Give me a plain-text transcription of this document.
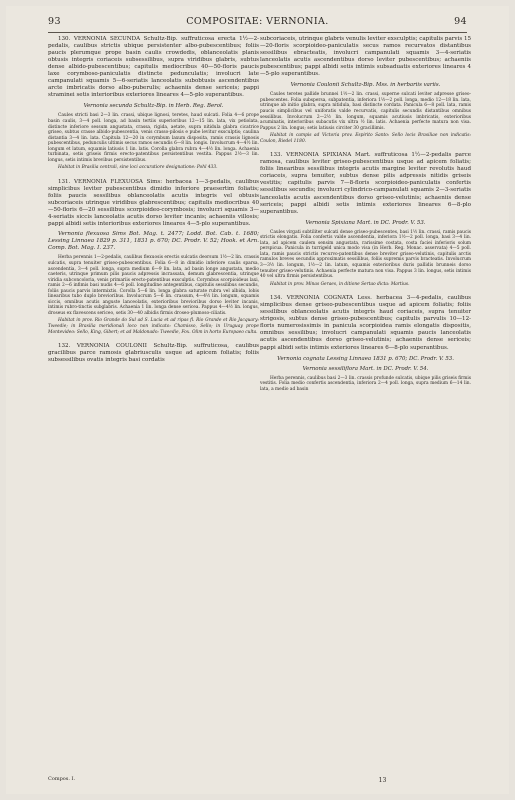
93	COMPOSITAE: VERNONIA.	94

130. VERNONIA SECUNDA Schultz-Bip. suffruticosa erecta 1½—2-pedalis, caulibus strictis ubique persistenter albo-pubescentibus; foliis paucis plerumque prope basin caulis crowdedis, oblanceolatis planis obtusis integris coriaceis subsessilibus, supra viridibus glabris, subtus dense albido-pubescentibus; capitulis mediocribus 40—50-floris paucis laxe corymboso-paniculatis distincte pedunculatis; involucri late campanulati squamis 5—6-seriatis lanceolatis subobtusis ascendentibus arcte imbricatis dorso albo-puberulis; achaeniis dense sericeis; pappi straminei setis interioribus exteriores lineares 4—5-plo superantibus.

Vernonia secunda Schultz-Bip. in Herb. Reg. Berol.

Caules stricti basi 2—3 lin. crassi, ubique lignosi, teretes, haud sulcati. Folia 4—6 prope basin caulis, 3—4 poll. longa, ad basin tertiis superioribus 12—15 lin. lata, vix petiolata, distincte inferiore sessum angustata, crassa, rigida, aetate, supra nitidula glabra cicatrice griseo, subtus crasse albido-pubescentia, venis crasso-pilosis e pube levitur exsculptis; caulina distantia 3—4 lin. lata. Capitula 12—20 in corymbum laxum disposita, ramis crassis lignosis pubescentibus, pedunculis ultimis secus ramos secundis 6—8 lin. longis. Involucrum 4—4½ lin. longum et latum, squamis latiusis 1 lin. latis. Corolla glabra rubra 4—4½ lin. longa. Achaenia turbinata, setis griseis firmis erecto-patentibus persistentibus vestita. Pappus 2½—3 lin. longus, setis intimis brevibus persistentibus.

Habitat in Brasilia centrali, sine loci accuratiore designatione: Pohl 433.

131. VERNONIA FLEXUOSA Sims: herbacea 1—3-pedalis, caulibus simplicibus leviter pubescentibus dimidio inferiore praesertim foliatis; foliis paucis sessilibus oblanceolatis acutis integris vel obtusis subcoriaceis utrinque viridibus glabrescentibus; capitulis mediocribus 40—50-floris 6—20 sessilibus scorpioideo-corymbosis; involucri squamis 3—4-seriatis siccis lanceolatis acutis dorso leviter incanis; achaeniis villosis; pappi albidi setis interioribus exteriores lineares 4—5-plo superantibus.

Vernonia flexuosa Sims Bot. Mag. t. 2477; Lodd. Bot. Cab. t. 1680; Lessing Linnaea 1829 p. 311, 1831 p. 670; DC. Prodr. V. 52; Hook. et Arn. Comp. Bot. Mag. I. 237.

Herba perennis 1—2-pedalis, caulibus flexuosis erectis sulcatis deorsum 1½—2 lin. crassis sulcatis, supra tenuiter griseo-pubescentibus. Folia 6—8 in dimidio inferiore caulis sparsa, ascendentia, 3—4 poll. longa, supra medium 6—9 lin. lata, ad basin longe angustata, medio caeteris, utrinque primum pilis paucis adpressis incrassata, demum glabrescentia, utrinque viridia subconcoloria, venis primariis erecto-patentibus exsculptis. Corymbus scorpioideus laxi, ramis 2—6 infimis basi nudis 4—6 poll. longitudine antegentibus, capitulis sessilibus secundis, foliis paucis parvis intermixtis. Corolla 5—6 lin. longa glabra saturate rubra vel albida, lobis linearibus tubo duplo brevioribus. Involucrum 5—6 lin. crassum, 4—4½ lin. longum, squamis siccis, omnibus acutis anguste lanceolatis, exterioribus brevioribus dorso leviter incanis, intimis rubro-tinctis subglabris. Achaenia 1 lin. longa dense sericea. Pappus 4—4½ lin. longus, droseus ex flavescens sericeo, setis 30—40 albidis firmis droseo-plumoso-ciliatis.

Habitat in prov. Rio Grande do Sul ad S. Lucia et ad ripas fl. Rio Grande et Rio Jacquary: Tweedie; in Brasilia meridionali loco non indicato: Chamisso, Sello; in Uruguay prope Montevideo: Sello, King, Gibert; et ad Maldonado: Tweedie, Fox. Olim in horto Europaeo culta.

132. VERNONIA COULONII Schultz-Bip. suffruticosa, caulibus gracilibus parce ramosis glabriusculis usque ad apicem foliatis; foliis subsessilibus ovatis integris basi cordatis

subcoriaceis, utrinque glabris venulis leviter exsculptis; capitulis parvis 15—20-floris scorpioideo-paniculatis secus ramos recurvatos distantibus sessilibus ebracteatis, involucri campanulati squamis 3—4-seriatis lanceolatis acutis ascendentibus dorso leviter pubescentibus; achaeniis pubescentibus; pappi albidi setis intimis subsaduatis exteriores lineares 4—5-plo superantibus.

Vernonia Coulonii Schultz-Bip. Mss. in herbariis variis.

Caules teretes pallide brunnei 1½—2 lin. crassi, superne sulcati leviter adpresse griseo-pubescentes. Folia subspersa, subpatentia, inferiora 1½—2 poll. longa, medio 12—18 lin. lata, utrinque ab initio glabra, supra nitidula, basi distincte cordata. Panicula 6—8 poll. lata, ramis paucis simplicibus vel uniforatis valde recurvatis, capitulis secundis distantibus omnibus sessilibus. Involucrum 2—2½ lin. longum, squamis acutiusis imbricatis, exterioribus acuminatis, interioribus subacutis vix ultra ½ lin. latis. Achaenia perfecte matura non visa. Pappus 2 lin. longus; setis latiusis circiter 30 gracillimis.

Habitat in campis ad Victoria prov. Espirito Santo: Sello locis Brasiliae non indicatis: Coulon, Riedel 1180.

133. VERNONIA SPIXIANA Mart. suffruticosa 1½—2-pedalis parce ramosa, caulibus leviter griseo-pubescentibus usque ad apicem foliatis; foliis linearibus sessilibus integris acutis margine leviter revolutis haud coriaceis, supra tenuiter, subtus dense pilis adpressis nitidis griseis vestitis; capitulis parvis 7—8-floris scorpioideo-paniculatis confertis sessilibus secundis; involucri cylindrico-campanulati squamis 2—3-seriatis lanceolatis acutis ascendentibus dorso griseo-velutinis; achaeniis dense sericeis; pappi albidi setis intimis exteriores lineares 6—8-plo superantibus.

Vernonia Spixiana Mart. in DC. Prodr. V. 53.

Caules virgati subtiliter sulcati dense griseo-pubescentes, basi 1½ lin. crassi, ramis paucis strictis elongatis. Folia confertis valde ascendentia, inferiora 1½—2 poll. longa, basi 3—4 lin. lata, ad apicem caulem sensim angustata, rarissime costata, costa faciei inferioris solum perspicua. Panicula in turrigeld unica modo visa (in Herb. Reg. Monac. asservata) 4—5 poll. lata, ramis paucis strictis recurvo-patentibus dense breviter griseo-velutinis, capitulis arctis ramulos breves secundis approximatis sessilibus, foliis supremis parvis bracteatis. Involucrum 3—3½ lin. longum, 1½—2 lin. latum, squamis exterioribus duris pallidis brunneis dorso tenuiter griseo-velutinis. Achaenia perfecte matura non visa. Pappus 3 lin. longus, setis intimis 40 vel ultra firmis persistentibus.

Habitat in prov. Minas Geraes, in ditione Sertao dicta: Martius.

134. VERNONIA COGNATA Less. herbacea 3—4-pedalis, caulibus simplicibus dense griseo-pubescentibus usque ad apicem foliatis; foliis sessilibus oblanceolatis acutis integris haud coriaceis, supra tenuiter strigosis, subtus dense griseo-pubescentibus; capitulis parvulis 10—12-floris numerosissimis in panicula scorpioidea ramis elongatis dispositis, omnibus sessilibus; involucri campanulati squamis paucis lanceolatis acutis ascendentibus dorso griseo-velutinis; achaeniis dense sericeis; pappi albidi setis intimis exteriores lineares 6—8-plo superantibus.

Vernonia cognata Lessing Linnaea 1831 p. 670; DC. Prodr. V. 53.

Vernonia sessiliflora Mart. in DC. Prodr. V. 54.

Herba perennis, caulibus basi 2—3 lin. crassis profunde sulcatis, ubique pilis griseis firmis vestitis. Folia medio confertis ascendentia, inferiora 2—4 poll. longa, supra medium 6—14 lin. lata, a medio ad basin

Compos. I.	13
